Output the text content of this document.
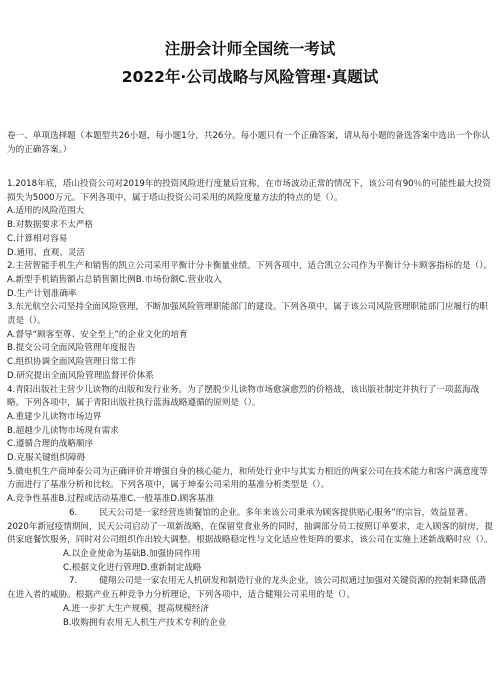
注册会计师全国统一考试
2022年·公司战略与风险管理·真题试

卷一、单项选择题（本题型共26小题，每小题1分，共26分。每小题只有一个正确答案，请从每小题的备选答案中选出一个你认为的正确答案。）

1.2018年底，塔山投资公司对2019年的投资风险进行度量后宜称，在市场波动正常的情况下，该公司有90％的可能性最大投资损失为5000万元。下列各项中，属于塔山投资公司采用的风险度量方法的特点的是（）。

A.适用的风险范围大

B.对数据要求不太严格

C.计算相对容易

D.通用、直观、灵活

2.主营智能手机生产和销售的凯立公司采用平衡计分卡衡量业绩。下列各项中，适合凯立公司作为平衡计分卡顾客指标的是（）。

A.新型手机销售额占总销售额比例B.市场份额C.营业收入

D.生产计划准确率

3.东光航空公司坚持全面风险管理，不断加强风险管理职能部门的建设。下列各项中，属于该公司风险管理职能部门应履行的职责是（）。

A.督导“顾客至尊、安全至上”的企业文化的培育

B.提交公司全面风险管理年度报告

C.组织协调全面风险管理日常工作

D.研究提出全面风险管理监督评价体系

4.青阳出版社主营少儿读物的出版和发行业务。为了摆脱少儿读物市场愈演愈烈的价格战，该出版社制定并执行了一项蓝海战略。下列各项中，属于青阳出版社执行蓝海战略遵循的原则是（）。

A.重建少儿读物市场边界

B.超越少儿读物市场现有需求

C.遵循合理的战略顺序

D.克服关键组织障碍

5.微电机生产商坤泰公司为正确评价并增强自身的核心能力，和所处行业中与其实力相近的两家公司在技术能力和客户满意度等方面进行了基准分析和比较。下列各项中，属于坤泰公司采用的基准分析类型是（）。

A.竞争性基准B.过程或活动基准C.一般基准D.顾客基准

6.	民天公司是一家经营连锁餐馆的企业。多年来该公司秉承为顾客提供贴心服务”的宗旨，效益显著。2020年新冠疫情期间，民天公司启动了一项新战略，在保留堂食业务的同时，抽调部分员工按照订单要求，走入顾客的厨房，提供家庭餐饮服务，同时对公司组织作出较大调整。根据战略稳定性与文化适应性矩阵的要求，该公司在实施上述新战略时应（）。

A.以企业使命为基础B.加强协同作用

C.根据文化进行管理D.重新制定战略

7.	健翔公司是一家农用无人机研发和制造行业的龙头企业，该公司拟通过加强对关键资源的控制来降低潜在进入者的威胁。根据产业五种竞争力分析理论，下列各项中，适合健翔公司采用的是（）。

A.进一步扩大生产规模，提高规模经济

B.收购拥有农用无人机生产技术专利的企业
